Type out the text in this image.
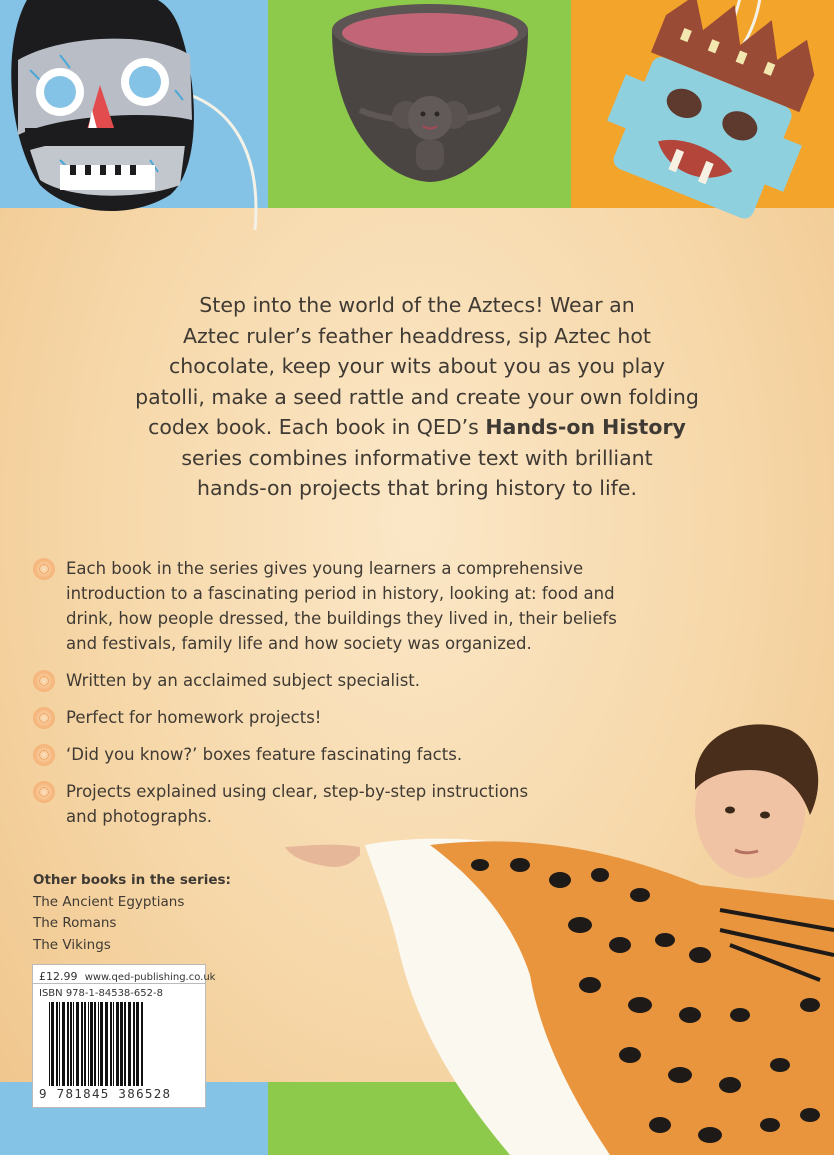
Step into the world of the Aztecs! Wear an
Aztec ruler’s feather headdress, sip Aztec hot
chocolate, keep your wits about you as you play
patolli, make a seed rattle and create your own folding
codex book. Each book in QED’s Hands-on History
series combines informative text with brilliant
hands-on projects that bring history to life.
Each book in the series gives young learners a comprehensive
introduction to a fascinating period in history, looking at: food and
drink, how people dressed, the buildings they lived in, their beliefs
and festivals, family life and how society was organized.
Written by an acclaimed subject specialist.
Perfect for homework projects!
‘Did you know?’ boxes feature fascinating facts.
Projects explained using clear, step-by-step instructions
and photographs.
Other books in the series:
The Ancient Egyptians
The Romans
The Vikings
£12.99 www.qed-publishing.co.uk
ISBN 978-1-84538-652-8
9 781845 386528
